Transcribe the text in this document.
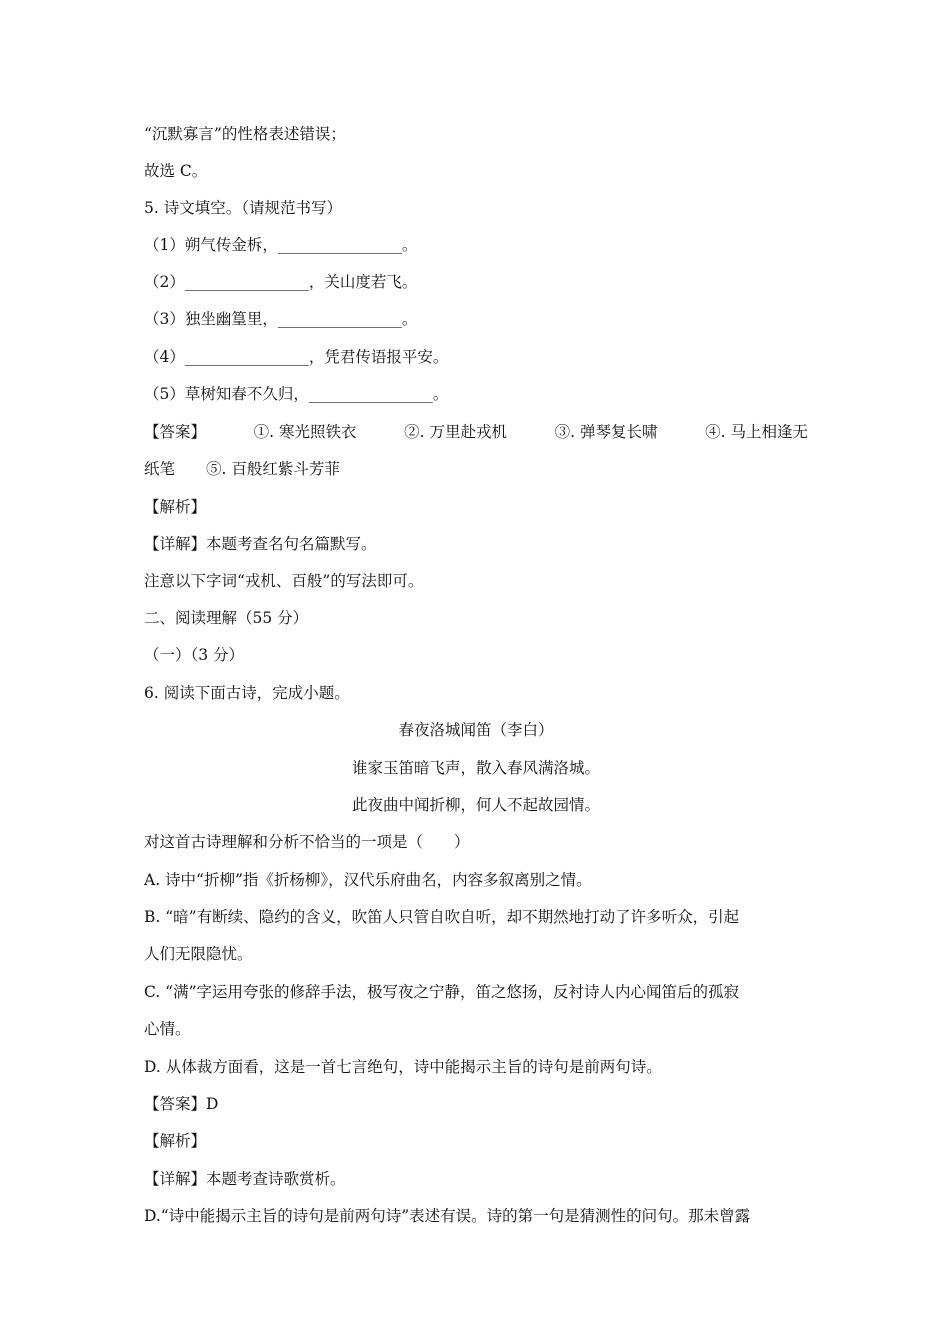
“沉默寡言”的性格表述错误；
故选 C。
5. 诗文填空。（请规范书写）
（1）朔气传金柝，________________。
（2）________________，关山度若飞。
（3）独坐幽篁里，________________。
（4）________________，凭君传语报平安。
（5）草树知春不久归，________________。
【答案】	①. 寒光照铁衣	②. 万里赴戎机	③. 弹琴复长啸	④. 马上相逢无
纸笔　　⑤. 百般红紫斗芳菲
【解析】
【详解】本题考查名句名篇默写。
注意以下字词“戎机、百般”的写法即可。
二、阅读理解（55 分）
（一）（3 分）
6. 阅读下面古诗，完成小题。
春夜洛城闻笛（李白）
谁家玉笛暗飞声，散入春风满洛城。
此夜曲中闻折柳，何人不起故园情。
对这首古诗理解和分析不恰当的一项是（　　）
A. 诗中“折柳”指《折杨柳》，汉代乐府曲名，内容多叙离别之情。
B. “暗”有断续、隐约的含义，吹笛人只管自吹自听，却不期然地打动了许多听众，引起
人们无限隐忧。
C. “满”字运用夸张的修辞手法，极写夜之宁静，笛之悠扬，反衬诗人内心闻笛后的孤寂
心情。
D. 从体裁方面看，这是一首七言绝句，诗中能揭示主旨的诗句是前两句诗。
【答案】D
【解析】
【详解】本题考查诗歌赏析。
D.“诗中能揭示主旨的诗句是前两句诗”表述有误。诗的第一句是猜测性的问句。那未曾露
